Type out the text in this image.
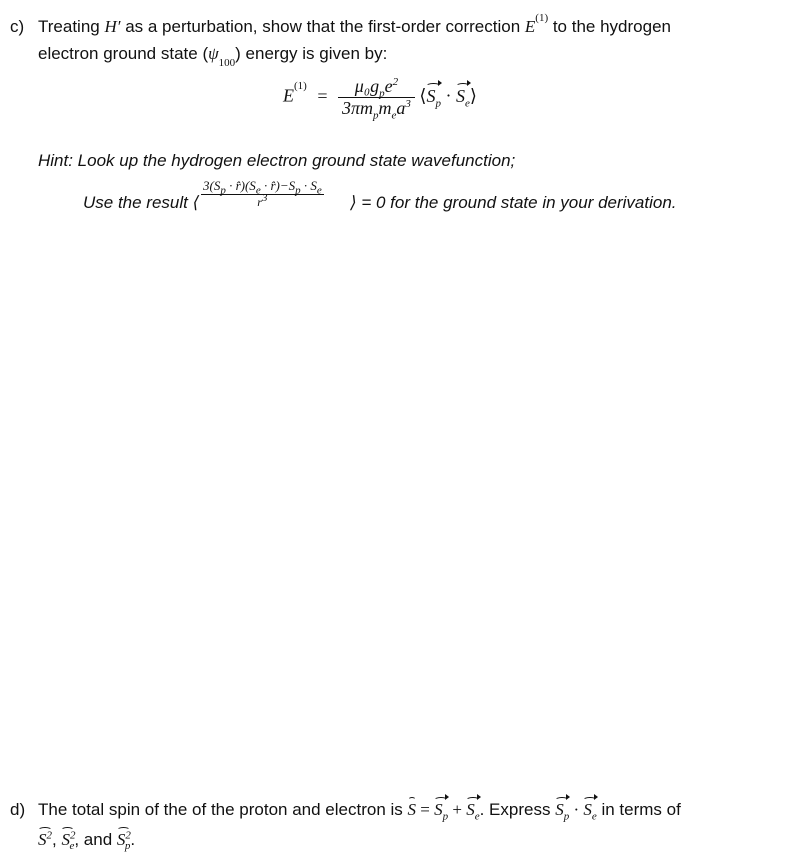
c) Treating H′ as a perturbation, show that the first-order correction $E^{(1)}$ to the hydrogen
electron ground state $(\psi_{100})$ energy is given by:
$E^{(1)} = \frac{\mu_0g_pe^2}{3\pi m_pm_ea^3}$ $⟨S_p$ · $S_e⟩$
Hint: Look up the hydrogen electron ground state wavefunction;
Use the result ⟨ $\frac{3(S_p \cdot r̂)(S_e \cdot r̂)-S_p \cdot S_e}{r^3}$ ⟩ = 0 for the ground state in your derivation.
d) The total spin of the of the proton and electron is $S = S_p + S_e$. Express $S_p \cdot S_e$ in terms of
$S^2$, $S^2_e$, and $S^2_p$.
